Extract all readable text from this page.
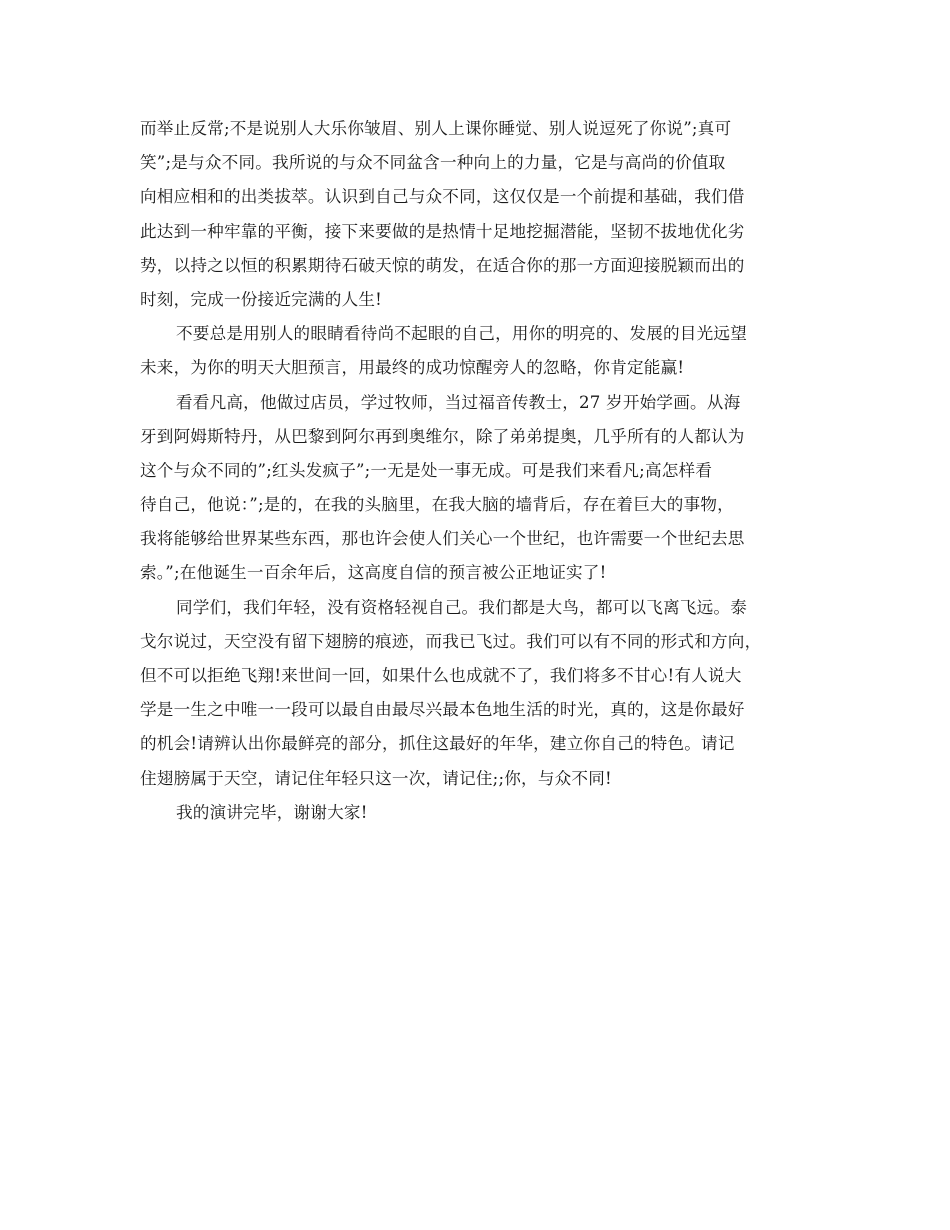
而举止反常;不是说别人大乐你皱眉、别人上课你睡觉、别人说逗死了你说”;真可
笑”;是与众不同。我所说的与众不同盆含一种向上的力量，它是与高尚的价值取
向相应相和的出类拔萃。认识到自己与众不同，这仅仅是一个前提和基础，我们借
此达到一种牢靠的平衡，接下来要做的是热情十足地挖掘潜能，坚韧不拔地优化劣
势，以持之以恒的积累期待石破天惊的萌发，在适合你的那一方面迎接脱颖而出的
时刻，完成一份接近完满的人生!
不要总是用别人的眼睛看待尚不起眼的自己，用你的明亮的、发展的目光远望
未来，为你的明天大胆预言，用最终的成功惊醒旁人的忽略，你肯定能赢!
看看凡高，他做过店员，学过牧师，当过福音传教士，27 岁开始学画。从海
牙到阿姆斯特丹，从巴黎到阿尔再到奥维尔，除了弟弟提奥，几乎所有的人都认为
这个与众不同的”;红头发疯子”;一无是处一事无成。可是我们来看凡;高怎样看
待自己，他说：”;是的，在我的头脑里，在我大脑的墙背后，存在着巨大的事物，
我将能够给世界某些东西，那也许会使人们关心一个世纪，也许需要一个世纪去思
索。”;在他诞生一百余年后，这高度自信的预言被公正地证实了!
同学们，我们年轻，没有资格轻视自己。我们都是大鸟，都可以飞离飞远。泰
戈尔说过，天空没有留下翅膀的痕迹，而我已飞过。我们可以有不同的形式和方向，
但不可以拒绝飞翔!来世间一回，如果什么也成就不了，我们将多不甘心!有人说大
学是一生之中唯一一段可以最自由最尽兴最本色地生活的时光，真的，这是你最好
的机会!请辨认出你最鲜亮的部分，抓住这最好的年华，建立你自己的特色。请记
住翅膀属于天空，请记住年轻只这一次，请记住;;你，与众不同!
我的演讲完毕，谢谢大家!
